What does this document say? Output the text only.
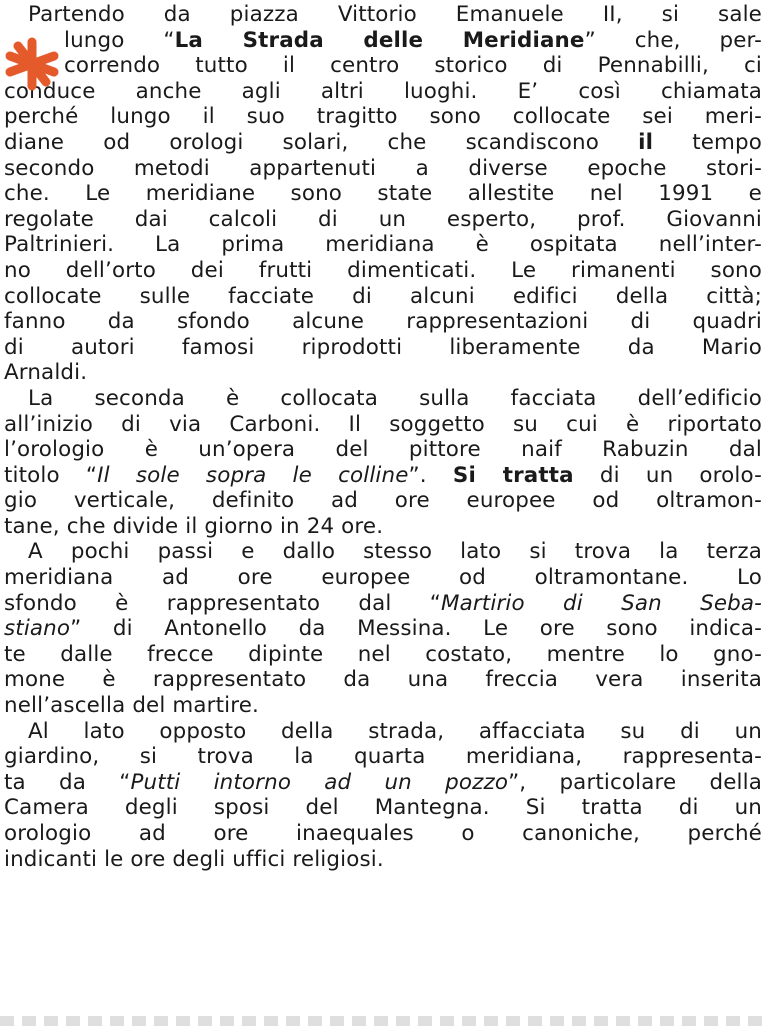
Partendo da piazza Vittorio Emanuele II, si sale
lungo “La Strada delle Meridiane” che, per-
correndo tutto il centro storico di Pennabilli, ci
conduce anche agli altri luoghi. E’ così chiamata
perché lungo il suo tragitto sono collocate sei meri-
diane od orologi solari, che scandiscono il tempo
secondo metodi appartenuti a diverse epoche stori-
che. Le meridiane sono state allestite nel 1991 e
regolate dai calcoli di un esperto, prof. Giovanni
Paltrinieri. La prima meridiana è ospitata nell’inter-
no dell’orto dei frutti dimenticati. Le rimanenti sono
collocate sulle facciate di alcuni edifici della città;
fanno da sfondo alcune rappresentazioni di quadri
di autori famosi riprodotti liberamente da Mario
Arnaldi.
La seconda è collocata sulla facciata dell’edificio
all’inizio di via Carboni. Il soggetto su cui è riportato
l’orologio è un’opera del pittore naif Rabuzin dal
titolo “Il sole sopra le colline”. Si tratta di un orolo-
gio verticale, definito ad ore europee od oltramon-
tane, che divide il giorno in 24 ore.
A pochi passi e dallo stesso lato si trova la terza
meridiana ad ore europee od oltramontane. Lo
sfondo è rappresentato dal “Martirio di San Seba-
stiano” di Antonello da Messina. Le ore sono indica-
te dalle frecce dipinte nel costato, mentre lo gno-
mone è rappresentato da una freccia vera inserita
nell’ascella del martire.
Al lato opposto della strada, affacciata su di un
giardino, si trova la quarta meridiana, rappresenta-
ta da “Putti intorno ad un pozzo”, particolare della
Camera degli sposi del Mantegna. Si tratta di un
orologio ad ore inaequales o canoniche, perché
indicanti le ore degli uffici religiosi.
